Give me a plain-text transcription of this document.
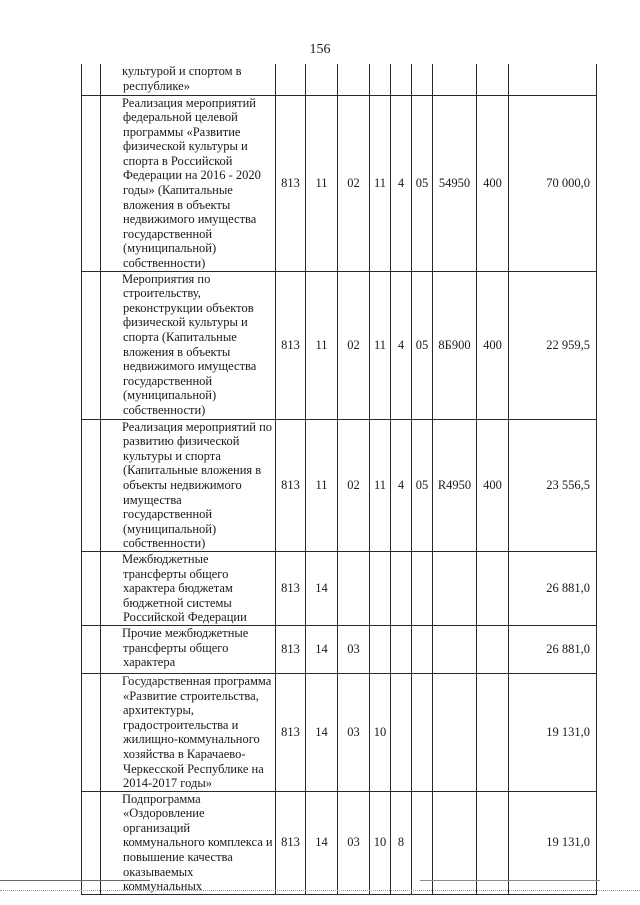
156
	культурой и спортом в республике»									
	Реализация мероприятий федеральной целевой программы «Развитие физической культуры и спорта в Российской Федерации на 2016 - 2020 годы» (Капитальные вложения в объекты недвижимого имущества государственной (муниципальной) собственности)	813	11	02	11	4	05	54950	400	70 000,0
	Мероприятия по строительству, реконструкции объектов физической культуры и спорта (Капитальные вложения в объекты недвижимого имущества государственной (муниципальной) собственности)	813	11	02	11	4	05	8Б900	400	22 959,5
	Реализация мероприятий по развитию физической культуры и спорта (Капитальные вложения в объекты недвижимого имущества государственной (муниципальной) собственности)	813	11	02	11	4	05	R4950	400	23 556,5
	Межбюджетные трансферты общего характера бюджетам бюджетной системы Российской Федерации	813	14							26 881,0
	Прочие межбюджетные трансферты общего характера	813	14	03						26 881,0
	Государственная программа «Развитие строительства, архитектуры, градостроительства и жилищно-коммунального хозяйства в Карачаево-Черкесской Республике на 2014-2017 годы»	813	14	03	10					19 131,0
	Подпрограмма «Оздоровление организаций коммунального комплекса и повышение качества оказываемых коммунальных	813	14	03	10	8				19 131,0
